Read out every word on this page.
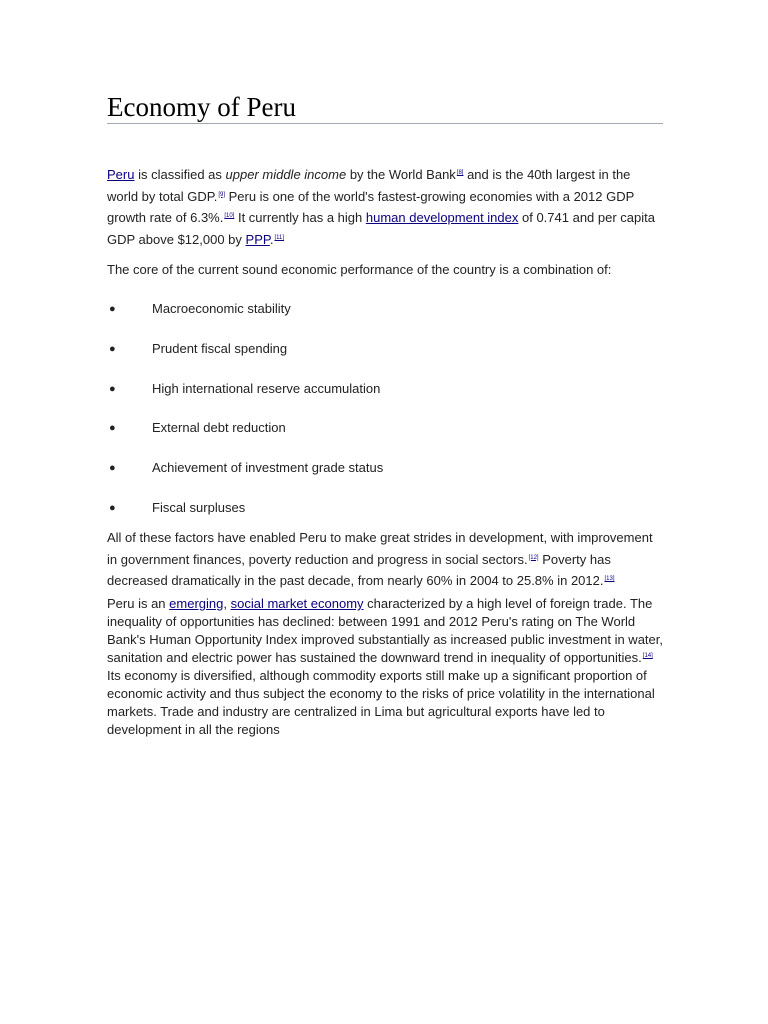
Economy of Peru

Peru is classified as upper middle income by the World Bank[8] and is the 40th largest in the world by total GDP.[9] Peru is one of the world's fastest-growing economies with a 2012 GDP growth rate of 6.3%.[10] It currently has a high human development index of 0.741 and per capita GDP above $12,000 by PPP.[11]

The core of the current sound economic performance of the country is a combination of:

●	Macroeconomic stability
●	Prudent fiscal spending
●	High international reserve accumulation
●	External debt reduction
●	Achievement of investment grade status
●	Fiscal surpluses

All of these factors have enabled Peru to make great strides in development, with improvement in government finances, poverty reduction and progress in social sectors.[12] Poverty has decreased dramatically in the past decade, from nearly 60% in 2004 to 25.8% in 2012.[13]

Peru is an emerging, social market economy characterized by a high level of foreign trade. The inequality of opportunities has declined: between 1991 and 2012 Peru's rating on The World Bank's Human Opportunity Index improved substantially as increased public investment in water, sanitation and electric power has sustained the downward trend in inequality of opportunities.[14] Its economy is diversified, although commodity exports still make up a significant proportion of economic activity and thus subject the economy to the risks of price volatility in the international markets. Trade and industry are centralized in Lima but agricultural exports have led to development in all the regions
